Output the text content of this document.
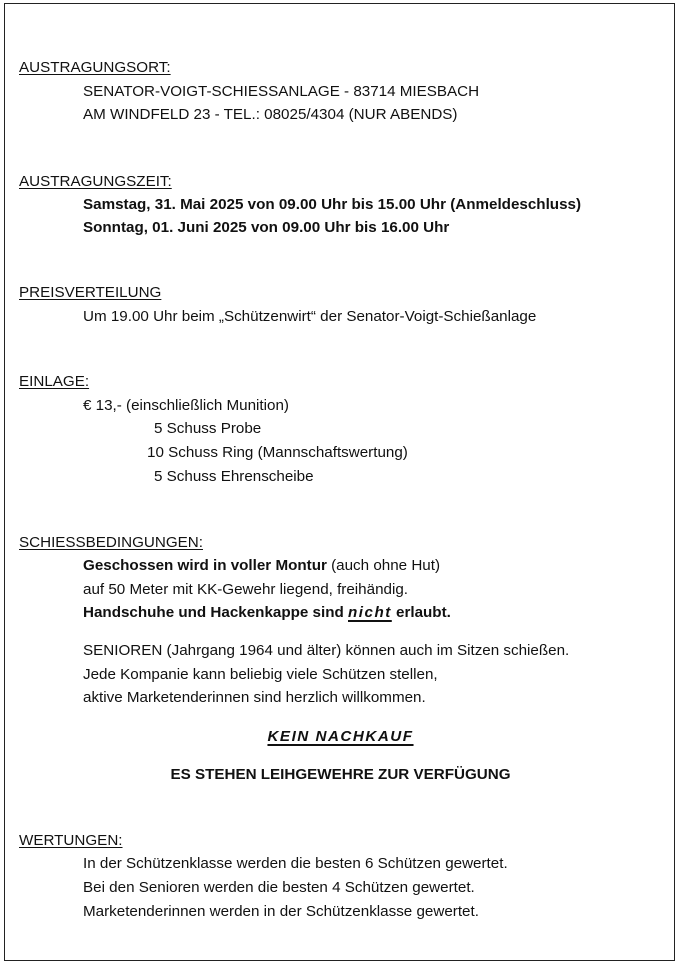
AUSTRAGUNGSORT:
SENATOR-VOIGT-SCHIESSANLAGE - 83714 MIESBACH
AM WINDFELD 23 - TEL.: 08025/4304 (NUR ABENDS)
AUSTRAGUNGSZEIT:
Samstag, 31. Mai 2025 von 09.00 Uhr bis 15.00 Uhr (Anmeldeschluss)
Sonntag, 01. Juni 2025 von 09.00 Uhr bis 16.00 Uhr
PREISVERTEILUNG
Um 19.00 Uhr beim „Schützenwirt“ der Senator-Voigt-Schießanlage
EINLAGE:
€ 13,- (einschließlich Munition)
5 Schuss Probe
10 Schuss Ring (Mannschaftswertung)
5 Schuss Ehrenscheibe
SCHIESSBEDINGUNGEN:
Geschossen wird in voller Montur (auch ohne Hut)
auf 50 Meter mit KK-Gewehr liegend, freihändig.
Handschuhe und Hackenkappe sind nicht erlaubt.
SENIOREN (Jahrgang 1964 und älter) können auch im Sitzen schießen.
Jede Kompanie kann beliebig viele Schützen stellen,
aktive Marketenderinnen sind herzlich willkommen.
KEIN NACHKAUF
ES STEHEN LEIHGEWEHRE ZUR VERFÜGUNG
WERTUNGEN:
In der Schützenklasse werden die besten 6 Schützen gewertet.
Bei den Senioren werden die besten 4 Schützen gewertet.
Marketenderinnen werden in der Schützenklasse gewertet.
